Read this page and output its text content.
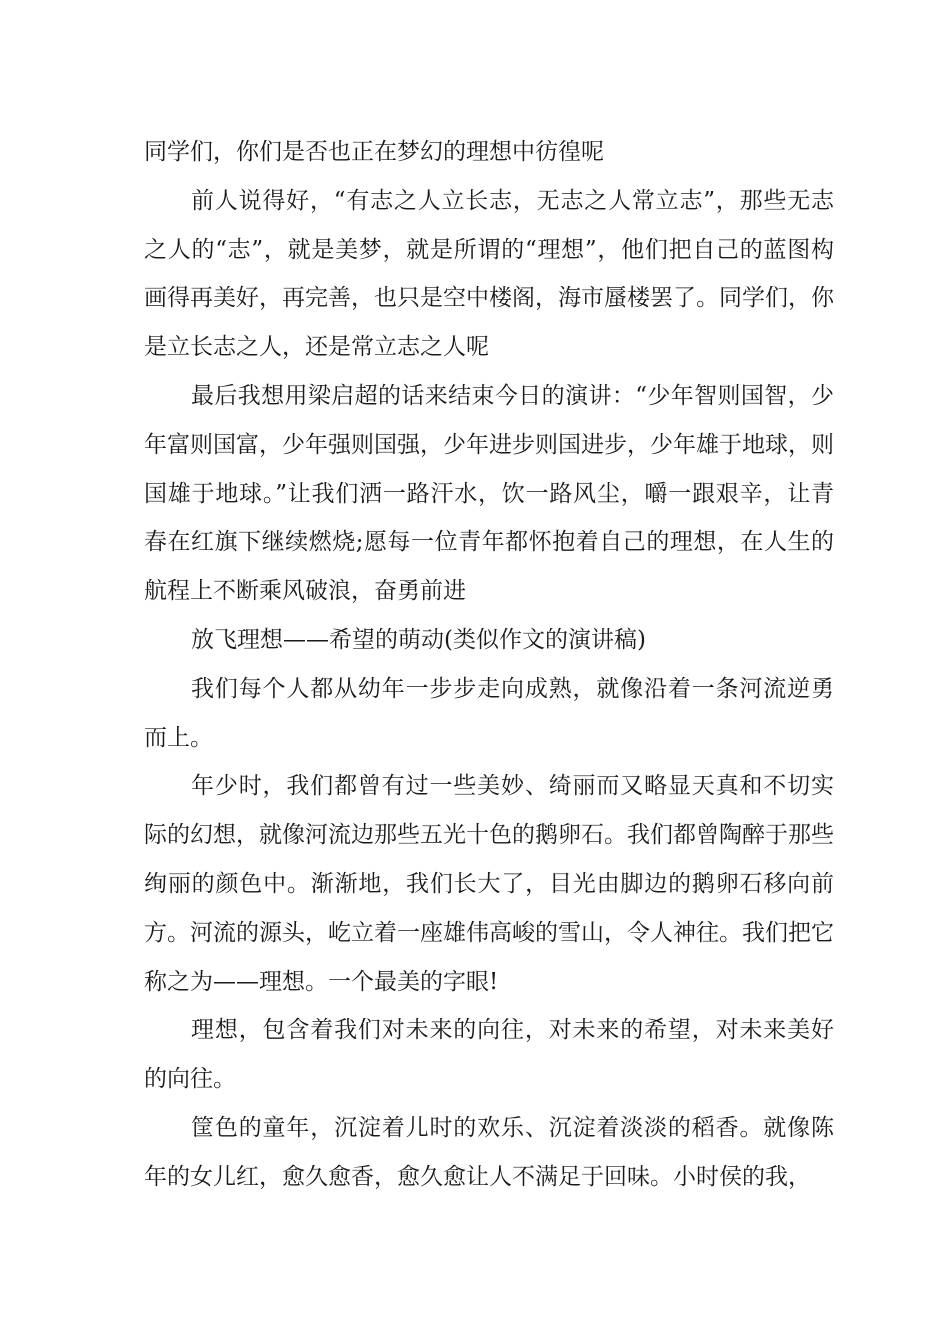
同学们，你们是否也正在梦幻的理想中彷徨呢

前人说得好，“有志之人立长志，无志之人常立志”，那些无志之人的“志”，就是美梦，就是所谓的“理想”，他们把自己的蓝图构画得再美好，再完善，也只是空中楼阁，海市蜃楼罢了。同学们，你是立长志之人，还是常立志之人呢

最后我想用梁启超的话来结束今日的演讲：“少年智则国智，少年富则国富，少年强则国强，少年进步则国进步，少年雄于地球，则国雄于地球。”让我们洒一路汗水，饮一路风尘，嚼一跟艰辛，让青春在红旗下继续燃烧;愿每一位青年都怀抱着自己的理想，在人生的航程上不断乘风破浪，奋勇前进

放飞理想——希望的萌动(类似作文的演讲稿)

我们每个人都从幼年一步步走向成熟，就像沿着一条河流逆勇而上。

年少时，我们都曾有过一些美妙、绮丽而又略显天真和不切实际的幻想，就像河流边那些五光十色的鹅卵石。我们都曾陶醉于那些绚丽的颜色中。渐渐地，我们长大了，目光由脚边的鹅卵石移向前方。河流的源头，屹立着一座雄伟高峻的雪山，令人神往。我们把它称之为——理想。一个最美的字眼!

理想，包含着我们对未来的向往，对未来的希望，对未来美好的向往。

筐色的童年，沉淀着儿时的欢乐、沉淀着淡淡的稻香。就像陈年的女儿红，愈久愈香，愈久愈让人不满足于回味。小时侯的我，
